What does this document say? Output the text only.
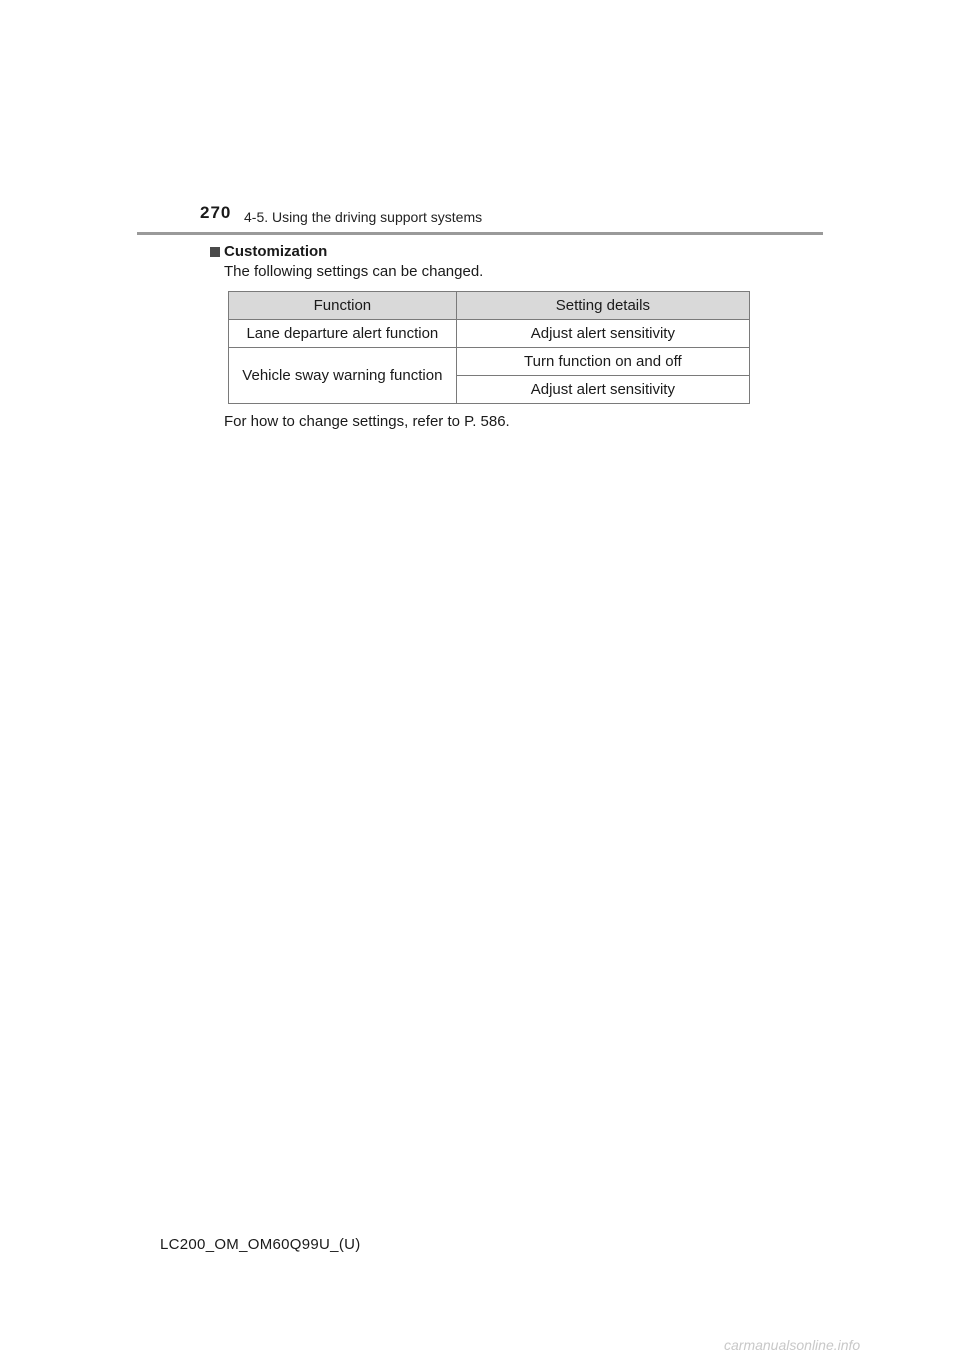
270 4-5. Using the driving support systems
Customization
The following settings can be changed.
Function	Setting details
Lane departure alert function	Adjust alert sensitivity
Vehicle sway warning function	Turn function on and off
	Adjust alert sensitivity
For how to change settings, refer to P. 586.
LC200_OM_OM60Q99U_(U)
carmanualsonline.info
